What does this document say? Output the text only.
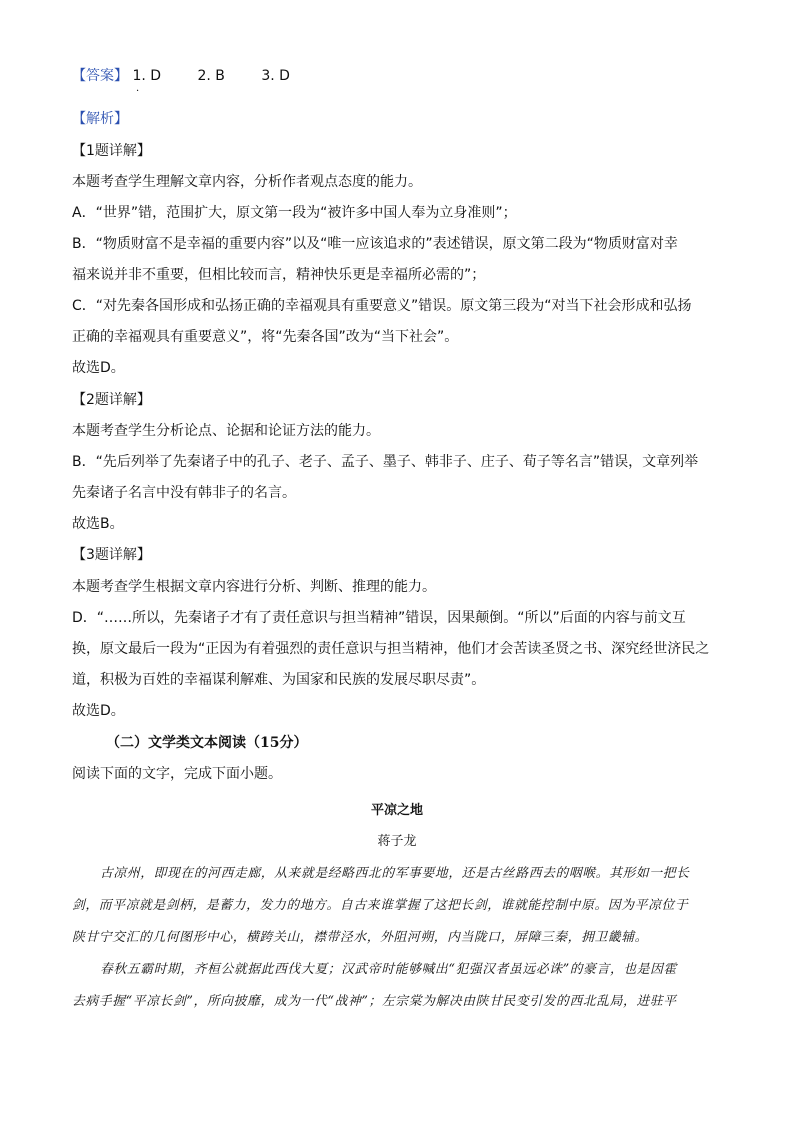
【答案】 1. D	2. B	3. D
·
【解析】
【1题详解】
本题考查学生理解文章内容，分析作者观点态度的能力。
A．“世界”错，范围扩大，原文第一段为“被许多中国人奉为立身准则”；
B．“物质财富不是幸福的重要内容”以及“唯一应该追求的”表述错误，原文第二段为“物质财富对幸
福来说并非不重要，但相比较而言，精神快乐更是幸福所必需的”；
C．“对先秦各国形成和弘扬正确的幸福观具有重要意义”错误。原文第三段为“对当下社会形成和弘扬
正确的幸福观具有重要意义”，将“先秦各国”改为“当下社会”。
故选D。
【2题详解】
本题考查学生分析论点、论据和论证方法的能力。
B．“先后列举了先秦诸子中的孔子、老子、孟子、墨子、韩非子、庄子、荀子等名言”错误，文章列举
先秦诸子名言中没有韩非子的名言。
故选B。
【3题详解】
本题考查学生根据文章内容进行分析、判断、推理的能力。
D．“……所以，先秦诸子才有了责任意识与担当精神”错误，因果颠倒。“所以”后面的内容与前文互
换，原文最后一段为“正因为有着强烈的责任意识与担当精神，他们才会苦读圣贤之书、深究经世济民之
道，积极为百姓的幸福谋利解难、为国家和民族的发展尽职尽责”。
故选D。
（二）文学类文本阅读（15分）
阅读下面的文字，完成下面小题。
平凉之地
蒋子龙
古凉州，即现在的河西走廊，从来就是经略西北的军事要地，还是古丝路西去的咽喉。其形如一把长
剑，而平凉就是剑柄，是蓄力，发力的地方。自古来谁掌握了这把长剑，谁就能控制中原。因为平凉位于
陕甘宁交汇的几何图形中心，横跨关山，襟带泾水，外阻河朔，内当陇口，屏障三秦，拥卫畿辅。
春秋五霸时期，齐桓公就据此西伐大夏；汉武帝时能够喊出“犯强汉者虽远必诛”的豪言，也是因霍
去病手握“平凉长剑”，所向披靡，成为一代“战神”；左宗棠为解决由陕甘民变引发的西北乱局，进驻平
